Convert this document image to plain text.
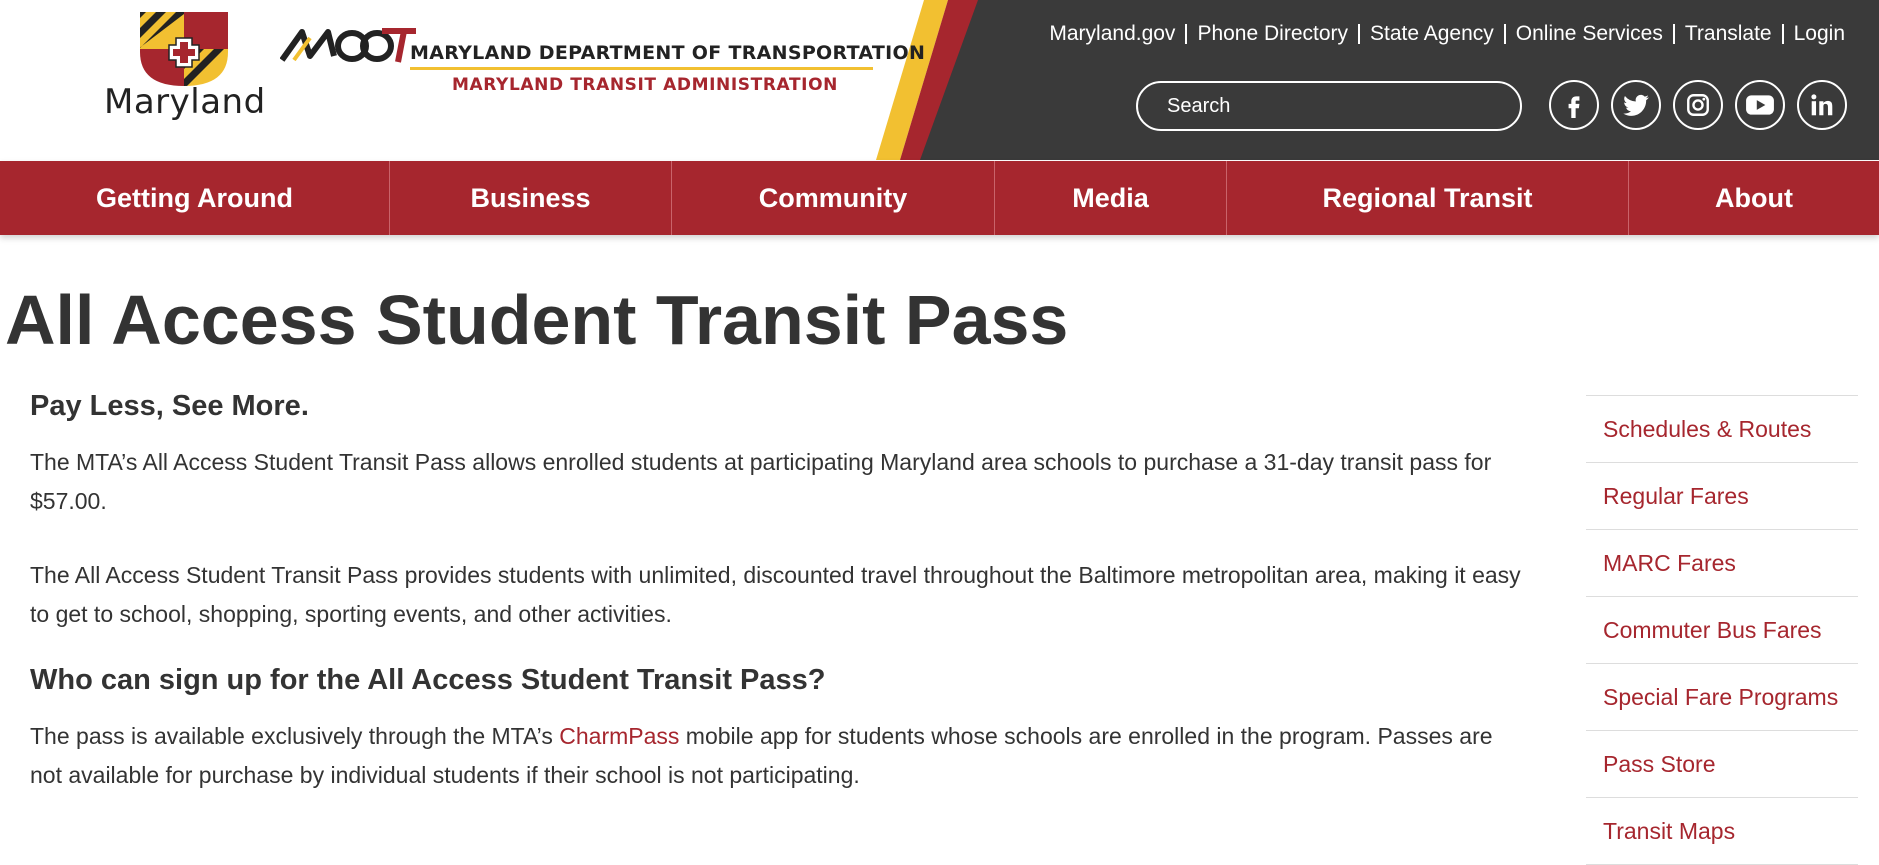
Maryland
MARYLAND DEPARTMENT OF TRANSPORTATION
MARYLAND TRANSIT ADMINISTRATION
Maryland.gov Phone Directory State Agency Online Services Translate Login
Search
Getting Around	Business	Community	Media	Regional Transit	About
All Access Student Transit Pass
Pay Less, See More.

The MTA’s All Access Student Transit Pass allows enrolled students at participating Maryland area schools to purchase a 31-day transit pass for $57.00.

The All Access Student Transit Pass provides students with unlimited, discounted travel throughout the Baltimore metropolitan area, making it easy to get to school, shopping, sporting events, and other activities.

Who can sign up for the All Access Student Transit Pass?

The pass is available exclusively through the MTA’s CharmPass mobile app for students whose schools are enrolled in the program. Passes are not available for purchase by individual students if their school is not participating.

Schedules & Routes
Regular Fares
MARC Fares
Commuter Bus Fares
Special Fare Programs
Pass Store
Transit Maps
